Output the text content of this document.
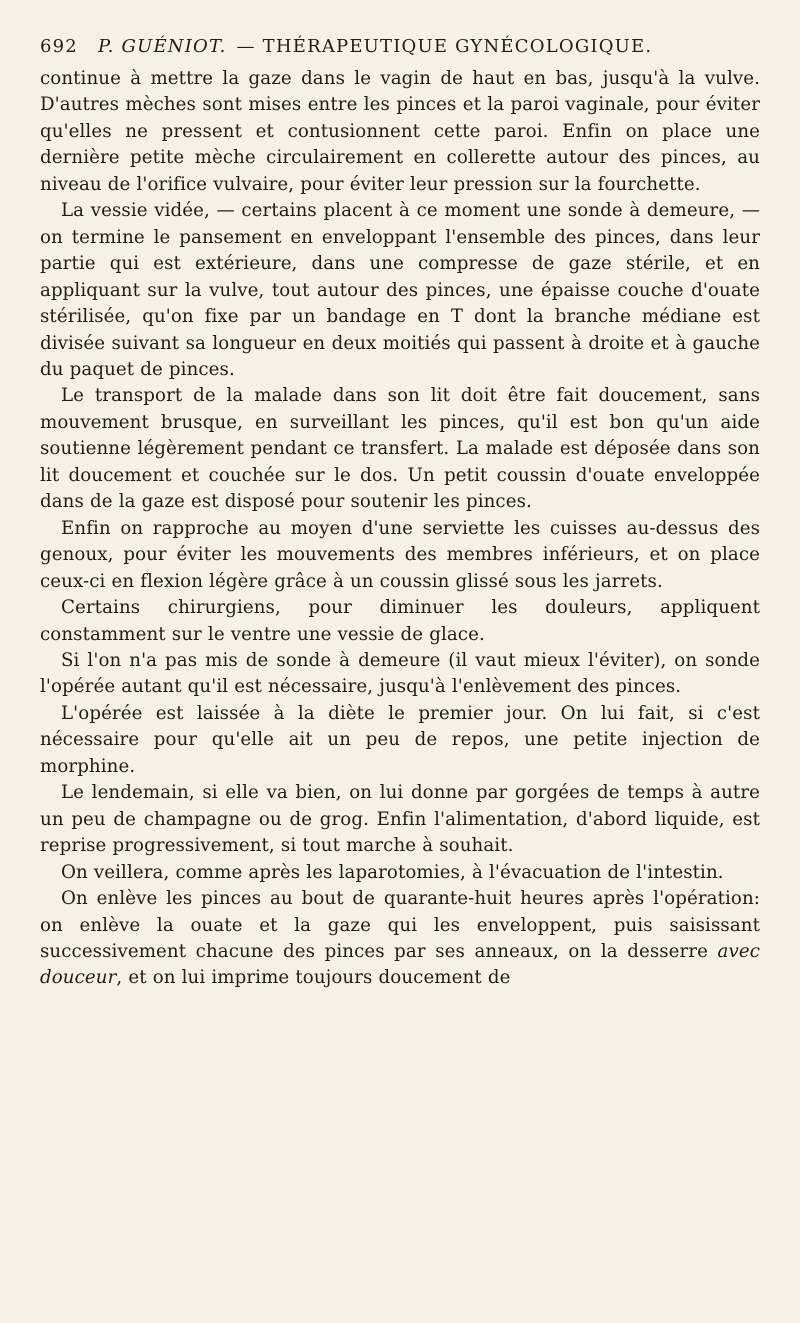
692	P. GUÉNIOT. — THÉRAPEUTIQUE GYNÉCOLOGIQUE.

continue à mettre la gaze dans le vagin de haut en bas, jusqu'à la vulve. D'autres mèches sont mises entre les pinces et la paroi vaginale, pour éviter qu'elles ne pressent et contusionnent cette paroi. Enfin on place une dernière petite mèche circulairement en collerette autour des pinces, au niveau de l'orifice vulvaire, pour éviter leur pression sur la fourchette.

La vessie vidée, — certains placent à ce moment une sonde à demeure, — on termine le pansement en enveloppant l'ensemble des pinces, dans leur partie qui est extérieure, dans une compresse de gaze stérile, et en appliquant sur la vulve, tout autour des pinces, une épaisse couche d'ouate stérilisée, qu'on fixe par un bandage en T dont la branche médiane est divisée suivant sa longueur en deux moitiés qui passent à droite et à gauche du paquet de pinces.

Le transport de la malade dans son lit doit être fait doucement, sans mouvement brusque, en surveillant les pinces, qu'il est bon qu'un aide soutienne légèrement pendant ce transfert. La malade est déposée dans son lit doucement et couchée sur le dos. Un petit coussin d'ouate enveloppée dans de la gaze est disposé pour soutenir les pinces.

Enfin on rapproche au moyen d'une serviette les cuisses au-dessus des genoux, pour éviter les mouvements des membres inférieurs, et on place ceux-ci en flexion légère grâce à un coussin glissé sous les jarrets.

Certains chirurgiens, pour diminuer les douleurs, appliquent constamment sur le ventre une vessie de glace.

Si l'on n'a pas mis de sonde à demeure (il vaut mieux l'éviter), on sonde l'opérée autant qu'il est nécessaire, jusqu'à l'enlèvement des pinces.

L'opérée est laissée à la diète le premier jour. On lui fait, si c'est nécessaire pour qu'elle ait un peu de repos, une petite injection de morphine.

Le lendemain, si elle va bien, on lui donne par gorgées de temps à autre un peu de champagne ou de grog. Enfin l'alimentation, d'abord liquide, est reprise progressivement, si tout marche à souhait.

On veillera, comme après les laparotomies, à l'évacuation de l'intestin.

On enlève les pinces au bout de quarante-huit heures après l'opération: on enlève la ouate et la gaze qui les enveloppent, puis saisissant successivement chacune des pinces par ses anneaux, on la desserre avec douceur, et on lui imprime toujours doucement de
